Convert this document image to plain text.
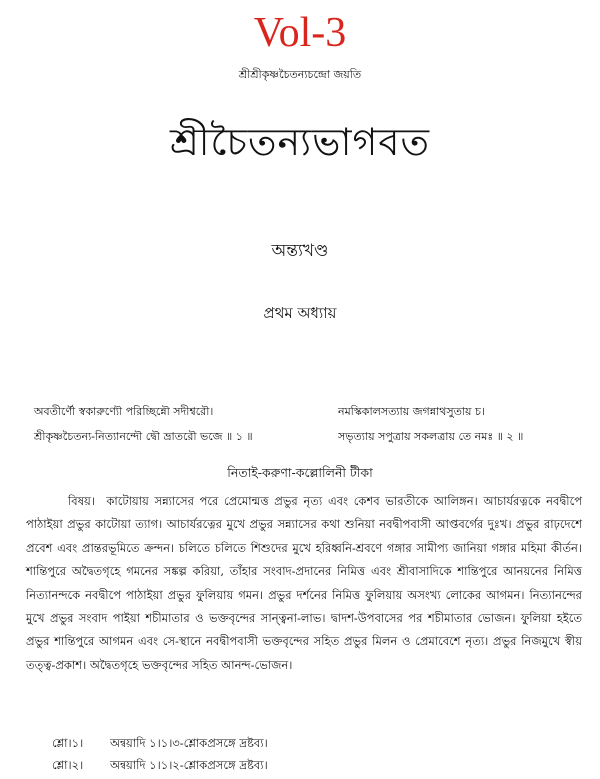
Vol-3
শ্রীশ্রীকৃষ্ণচৈতন্যচন্দ্রো জয়তি
শ্রীচৈতন্যভাগবত
অন্ত্যখণ্ড
প্রথম অধ্যায়
অবতীর্ণৌ স্বকারুণ্যৌ পরিচ্ছিন্নৌ সদীশ্বরৌ।	নমস্কিকালসত্যায় জগন্নাথসুতায় চ।
শ্রীকৃষ্ণচৈতন্য-নিত্যানন্দৌ দ্বৌ ভ্রাতরৌ ভজে ॥ ১ ॥	সভৃত্যায় সপুত্রায় সকলত্রায় তে নমঃ ॥ ২ ॥
নিতাই-করুণা-কল্লোলিনী টীকা

বিষয়। কাটোয়ায় সন্ন্যাসের পরে প্রেমোন্মত্ত প্রভুর নৃত্য এবং কেশব ভারতীকে আলিঙ্গন। আচার্যরত্নকে নবদ্বীপে পাঠাইয়া প্রভুর কাটোয়া ত্যাগ। আচার্যরত্নের মুখে প্রভুর সন্ন্যাসের কথা শুনিয়া নবদ্বীপবাসী আপ্তবর্গের দুঃখ। প্রভুর রাঢ়দেশে প্রবেশ এবং প্রান্তরভূমিতে ক্রন্দন। চলিতে চলিতে শিশুদের মুখে হরিধ্বনি-শ্রবণে গঙ্গার সামীপ্য জানিয়া গঙ্গার মহিমা কীর্তন। শান্তিপুরে অদ্বৈতগৃহে গমনের সঙ্কল্প করিয়া, তাঁহার সংবাদ-প্রদানের নিমিত্ত এবং শ্রীবাসাদিকে শান্তিপুরে আনয়নের নিমিত্ত নিত্যানন্দকে নবদ্বীপে পাঠাইয়া প্রভুর ফুলিয়ায় গমন। প্রভুর দর্শনের নিমিত্ত ফুলিয়ায় অসংখ্য লোকের আগমন। নিত্যানন্দের মুখে প্রভুর সংবাদ পাইয়া শচীমাতার ও ভক্তবৃন্দের সান্ত্বনা-লাভ। দ্বাদশ-উপবাসের পর শচীমাতার ভোজন। ফুলিয়া হইতে প্রভুর শান্তিপুরে আগমন এবং সে-স্থানে নবদ্বীপবাসী ভক্তবৃন্দের সহিত প্রভুর মিলন ও প্রেমাবেশে নৃত্য। প্রভুর নিজমুখে স্বীয় তত্ত্ব-প্রকাশ। অদ্বৈতগৃহে ভক্তবৃন্দের সহিত আনন্দ-ভোজন।

শ্লো।১। অন্বয়াদি ১।১।৩-শ্লোকপ্রসঙ্গে দ্রষ্টব্য।
শ্লো।২। অন্বয়াদি ১।১।২-শ্লোকপ্রসঙ্গে দ্রষ্টব্য।
